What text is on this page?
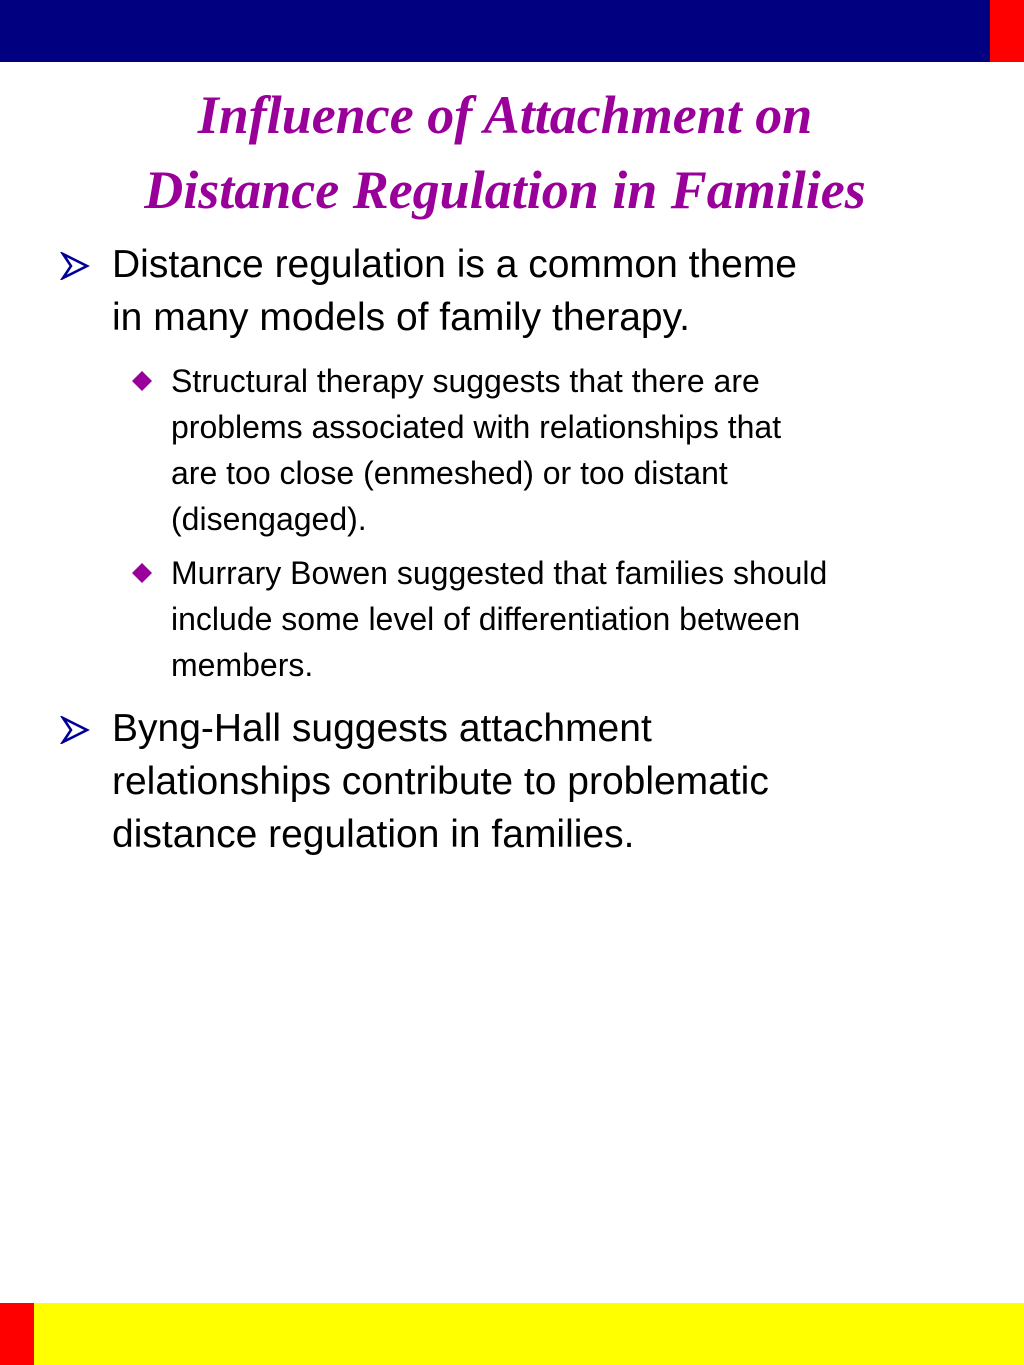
Influence of Attachment on
Distance Regulation in Families
Distance regulation is a common theme
in many models of family therapy.
Structural therapy suggests that there are
problems associated with relationships that
are too close (enmeshed) or too distant
(disengaged).
Murrary Bowen suggested that families should
include some level of differentiation between
members.
Byng-Hall suggests attachment
relationships contribute to problematic
distance regulation in families.
